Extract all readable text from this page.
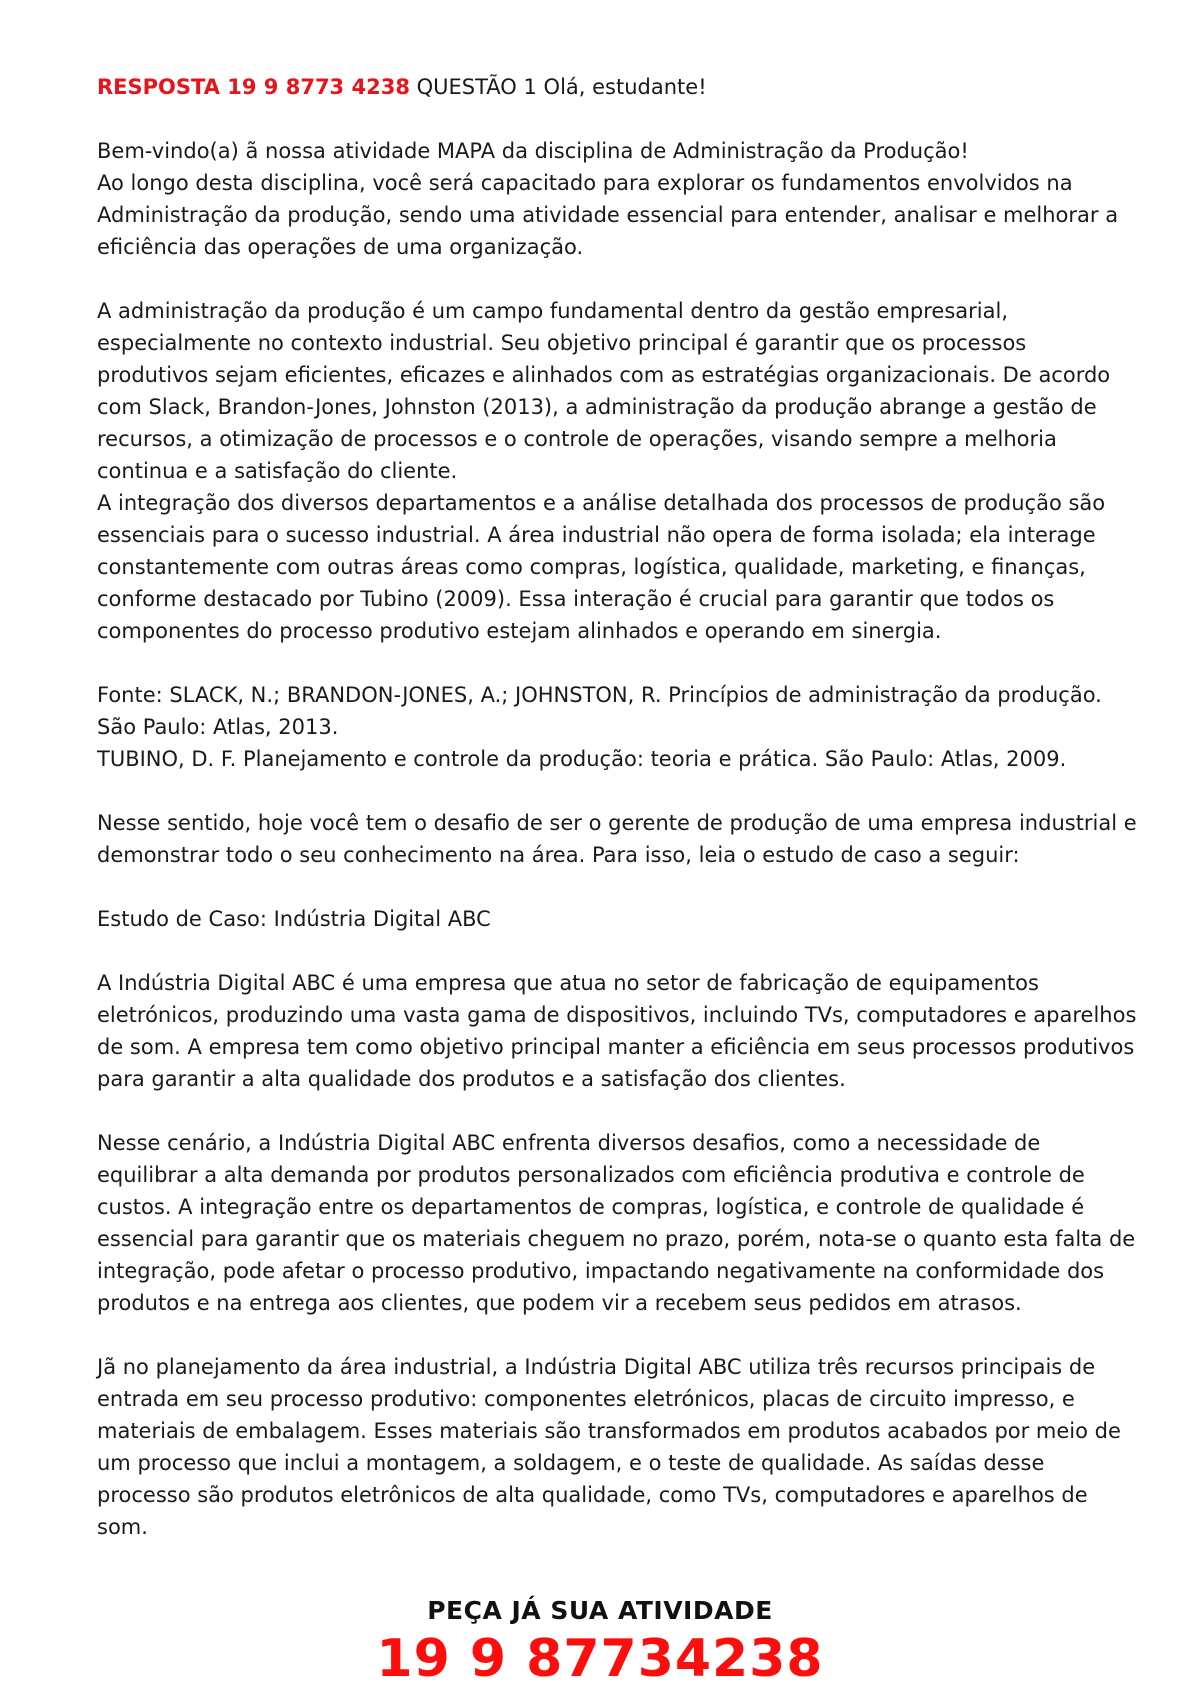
RESPOSTA 19 9 8773 4238 QUESTÃO 1 Olá, estudante!

Bem-vindo(a) ã nossa atividade MAPA da disciplina de Administração da Produção!

Ao longo desta disciplina, você será capacitado para explorar os fundamentos envolvidos na Administração da produção, sendo uma atividade essencial para entender, analisar e melhorar a eficiência das operações de uma organização.

A administração da produção é um campo fundamental dentro da gestão empresarial, especialmente no contexto industrial. Seu objetivo principal é garantir que os processos produtivos sejam eficientes, eficazes e alinhados com as estratégias organizacionais. De acordo com Slack, Brandon-Jones, Johnston (2013), a administração da produção abrange a gestão de recursos, a otimização de processos e o controle de operações, visando sempre a melhoria continua e a satisfação do cliente.

A integração dos diversos departamentos e a análise detalhada dos processos de produção são essenciais para o sucesso industrial. A área industrial não opera de forma isolada; ela interage constantemente com outras áreas como compras, logística, qualidade, marketing, e finanças, conforme destacado por Tubino (2009). Essa interação é crucial para garantir que todos os componentes do processo produtivo estejam alinhados e operando em sinergia.

Fonte: SLACK, N.; BRANDON-JONES, A.; JOHNSTON, R. Princípios de administração da produção. São Paulo: Atlas, 2013.

TUBINO, D. F. Planejamento e controle da produção: teoria e prática. São Paulo: Atlas, 2009.

Nesse sentido, hoje você tem o desafio de ser o gerente de produção de uma empresa industrial e demonstrar todo o seu conhecimento na área. Para isso, leia o estudo de caso a seguir:

Estudo de Caso: Indústria Digital ABC

A Indústria Digital ABC é uma empresa que atua no setor de fabricação de equipamentos eletrónicos, produzindo uma vasta gama de dispositivos, incluindo TVs, computadores e aparelhos de som. A empresa tem como objetivo principal manter a eficiência em seus processos produtivos para garantir a alta qualidade dos produtos e a satisfação dos clientes.

Nesse cenário, a Indústria Digital ABC enfrenta diversos desafios, como a necessidade de equilibrar a alta demanda por produtos personalizados com eficiência produtiva e controle de custos. A integração entre os departamentos de compras, logística, e controle de qualidade é essencial para garantir que os materiais cheguem no prazo, porém, nota-se o quanto esta falta de integração, pode afetar o processo produtivo, impactando negativamente na conformidade dos produtos e na entrega aos clientes, que podem vir a recebem seus pedidos em atrasos.

Jã no planejamento da área industrial, a Indústria Digital ABC utiliza três recursos principais de entrada em seu processo produtivo: componentes eletrónicos, placas de circuito impresso, e materiais de embalagem. Esses materiais são transformados em produtos acabados por meio de um processo que inclui a montagem, a soldagem, e o teste de qualidade. As saídas desse processo são produtos eletrônicos de alta qualidade, como TVs, computadores e aparelhos de som.

PEÇA JÁ SUA ATIVIDADE
19 9 87734238
